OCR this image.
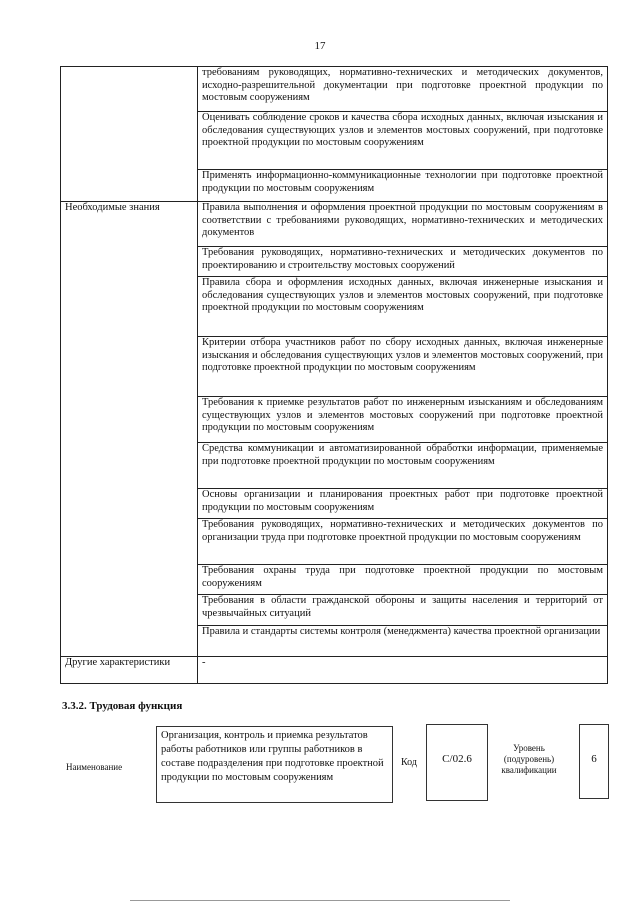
17
	требованиям руководящих, нормативно-технических и методических документов, исходно-разрешительной документации при подготовке проектной продукции по мостовым сооружениям
	Оценивать соблюдение сроков и качества сбора исходных данных, включая изыскания и обследования существующих узлов и элементов мостовых сооружений, при подготовке проектной продукции по мостовым сооружениям
	Применять информационно-коммуникационные технологии при подготовке проектной продукции по мостовым сооружениям
Необходимые знания	Правила выполнения и оформления проектной продукции по мостовым сооружениям в соответствии с требованиями руководящих, нормативно-технических и методических документов
	Требования руководящих, нормативно-технических и методических документов по проектированию и строительству мостовых сооружений
	Правила сбора и оформления исходных данных, включая инженерные изыскания и обследования существующих узлов и элементов мостовых сооружений, при подготовке проектной продукции по мостовым сооружениям
	Критерии отбора участников работ по сбору исходных данных, включая инженерные изыскания и обследования существующих узлов и элементов мостовых сооружений, при подготовке проектной продукции по мостовым сооружениям
	Требования к приемке результатов работ по инженерным изысканиям и обследованиям существующих узлов и элементов мостовых сооружений при подготовке проектной продукции по мостовым сооружениям
	Средства коммуникации и автоматизированной обработки информации, применяемые при подготовке проектной продукции по мостовым сооружениям
	Основы организации и планирования проектных работ при подготовке проектной продукции по мостовым сооружениям
	Требования руководящих, нормативно-технических и методических документов по организации труда при подготовке проектной продукции по мостовым сооружениям
	Требования охраны труда при подготовке проектной продукции по мостовым сооружениям
	Требования в области гражданской обороны и защиты населения и территорий от чрезвычайных ситуаций
	Правила и стандарты системы контроля (менеджмента) качества проектной организации
Другие характеристики	-
3.3.2. Трудовая функция
Наименование
Организация, контроль и приемка результатов работы работников или группы работников в составе подразделения при подготовке проектной продукции по мостовым сооружениям
Код	C/02.6
Уровень (подуровень) квалификации
6
